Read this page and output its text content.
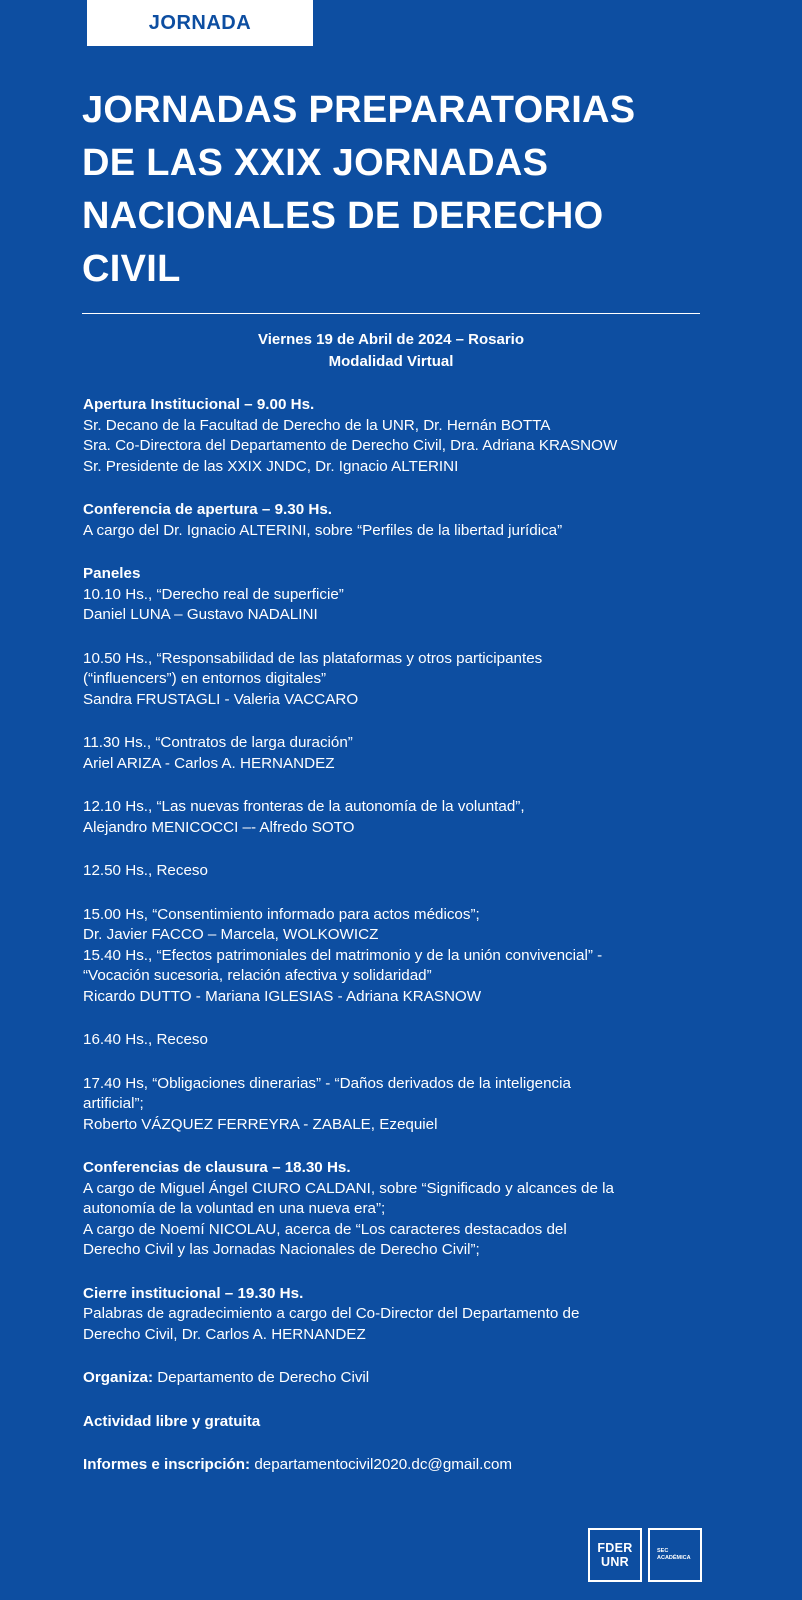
JORNADA
JORNADAS PREPARATORIAS
DE LAS XXIX JORNADAS
NACIONALES DE DERECHO
CIVIL
Viernes 19 de Abril de 2024 – Rosario
Modalidad Virtual
Apertura Institucional – 9.00 Hs.
Sr. Decano de la Facultad de Derecho de la UNR, Dr. Hernán BOTTA
Sra. Co-Directora del Departamento de Derecho Civil, Dra. Adriana KRASNOW
Sr. Presidente de las XXIX JNDC, Dr. Ignacio ALTERINI
Conferencia de apertura – 9.30 Hs.
A cargo del Dr. Ignacio ALTERINI, sobre “Perfiles de la libertad jurídica”
Paneles
10.10 Hs., “Derecho real de superficie”
Daniel LUNA – Gustavo NADALINI
10.50 Hs., “Responsabilidad de las plataformas y otros participantes
(“influencers”) en entornos digitales”
Sandra FRUSTAGLI - Valeria VACCARO
11.30 Hs., “Contratos de larga duración”
Ariel ARIZA - Carlos A. HERNANDEZ
12.10 Hs., “Las nuevas fronteras de la autonomía de la voluntad”,
Alejandro MENICOCCI –- Alfredo SOTO
12.50 Hs., Receso
15.00 Hs, “Consentimiento informado para actos médicos”;
Dr. Javier FACCO – Marcela, WOLKOWICZ
15.40 Hs., “Efectos patrimoniales del matrimonio y de la unión convivencial” -
“Vocación sucesoria, relación afectiva y solidaridad”
Ricardo DUTTO - Mariana IGLESIAS - Adriana KRASNOW
16.40 Hs., Receso
17.40 Hs, “Obligaciones dinerarias” - “Daños derivados de la inteligencia
artificial”;
Roberto VÁZQUEZ FERREYRA - ZABALE, Ezequiel
Conferencias de clausura – 18.30 Hs.
A cargo de Miguel Ángel CIURO CALDANI, sobre “Significado y alcances de la
autonomía de la voluntad en una nueva era”;
A cargo de Noemí NICOLAU, acerca de “Los caracteres destacados del
Derecho Civil y las Jornadas Nacionales de Derecho Civil”;
Cierre institucional – 19.30 Hs.
Palabras de agradecimiento a cargo del Co-Director del Departamento de
Derecho Civil, Dr. Carlos A. HERNANDEZ
Organiza: Departamento de Derecho Civil
Actividad libre y gratuita
Informes e inscripción: departamentocivil2020.dc@gmail.com
FDER
UNR
SEC
ACADÉMICA
